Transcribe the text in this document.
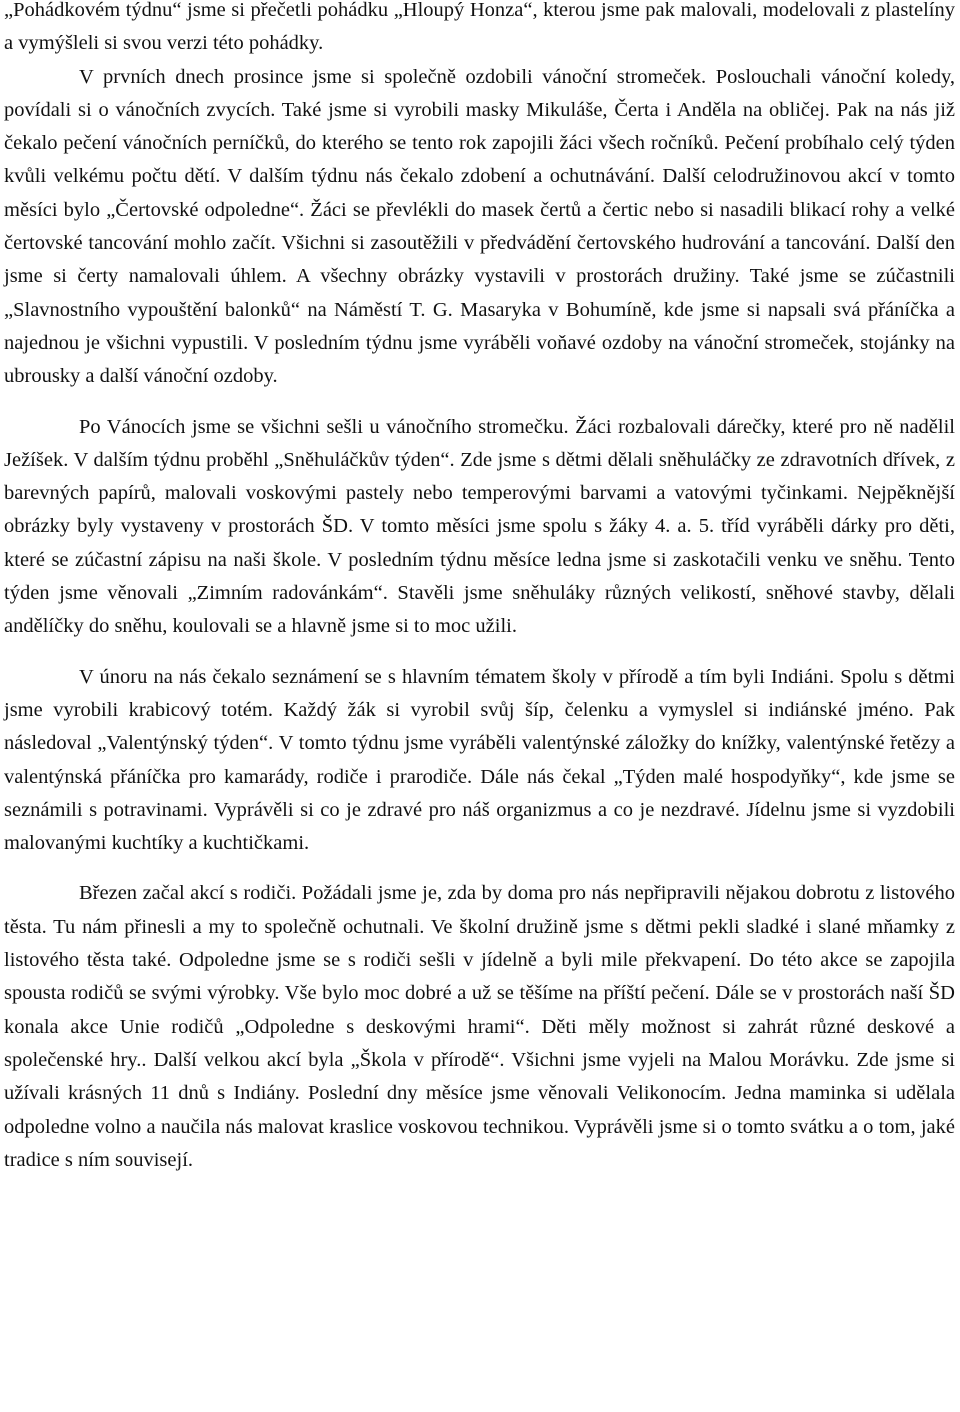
„Pohádkovém týdnu“ jsme si přečetli pohádku „Hloupý Honza“, kterou jsme pak malovali, modelovali z plastelíny a vymýšleli si svou verzi této pohádky.

V prvních dnech prosince jsme si společně ozdobili vánoční stromeček. Poslouchali vánoční koledy, povídali si o vánočních zvycích. Také jsme si vyrobili masky Mikuláše, Čerta i Anděla na obličej. Pak na nás již čekalo pečení vánočních perníčků, do kterého se tento rok zapojili žáci všech ročníků. Pečení probíhalo celý týden kvůli velkému počtu dětí. V dalším týdnu nás čekalo zdobení a ochutnávání. Další celodružinovou akcí v tomto měsíci bylo „Čertovské odpoledne“. Žáci se převlékli do masek čertů a čertic nebo si nasadili blikací rohy a velké čertovské tancování mohlo začít. Všichni si zasoutěžili v předvádění čertovského hudrování a tancování. Další den jsme si čerty namalovali úhlem. A všechny obrázky vystavili v prostorách družiny. Také jsme se zúčastnili „Slavnostního vypouštění balonků“ na Náměstí T. G. Masaryka v Bohumíně, kde jsme si napsali svá přáníčka a najednou je všichni vypustili. V posledním týdnu jsme vyráběli voňavé ozdoby na vánoční stromeček, stojánky na ubrousky a další vánoční ozdoby.

Po Vánocích jsme se všichni sešli u vánočního stromečku. Žáci rozbalovali dárečky, které pro ně nadělil Ježíšek. V dalším týdnu proběhl „Sněhuláčkův týden“. Zde jsme s dětmi dělali sněhuláčky ze zdravotních dřívek, z barevných papírů, malovali voskovými pastely nebo temperovými barvami a vatovými tyčinkami. Nejpěknější obrázky byly vystaveny v prostorách ŠD. V tomto měsíci jsme spolu s žáky 4. a. 5. tříd vyráběli dárky pro děti, které se zúčastní zápisu na naši škole. V posledním týdnu měsíce ledna jsme si zaskotačili venku ve sněhu. Tento týden jsme věnovali „Zimním radovánkám“. Stavěli jsme sněhuláky různých velikostí, sněhové stavby, dělali andělíčky do sněhu, koulovali se a hlavně jsme si to moc užili.

V únoru na nás čekalo seznámení se s hlavním tématem školy v přírodě a tím byli Indiáni. Spolu s dětmi jsme vyrobili krabicový totém. Každý žák si vyrobil svůj šíp, čelenku a vymyslel si indiánské jméno. Pak následoval „Valentýnský týden“. V tomto týdnu jsme vyráběli valentýnské záložky do knížky, valentýnské řetězy a valentýnská přáníčka pro kamarády, rodiče i prarodiče. Dále nás čekal „Týden malé hospodyňky“, kde jsme se seznámili s potravinami. Vyprávěli si co je zdravé pro náš organizmus a co je nezdravé. Jídelnu jsme si vyzdobili malovanými kuchtíky a kuchtičkami.

Březen začal akcí s rodiči. Požádali jsme je, zda by doma pro nás nepřipravili nějakou dobrotu z listového těsta. Tu nám přinesli a my to společně ochutnali. Ve školní družině jsme s dětmi pekli sladké i slané mňamky z listového těsta také. Odpoledne jsme se s rodiči sešli v jídelně a byli mile překvapení. Do této akce se zapojila spousta rodičů se svými výrobky. Vše bylo moc dobré a už se těšíme na příští pečení. Dále se v prostorách naší ŠD konala akce Unie rodičů „Odpoledne s deskovými hrami“. Děti měly možnost si zahrát různé deskové a společenské hry.. Další velkou akcí byla „Škola v přírodě“. Všichni jsme vyjeli na Malou Morávku. Zde jsme si užívali krásných 11 dnů s Indiány. Poslední dny měsíce jsme věnovali Velikonocím. Jedna maminka si udělala odpoledne volno a naučila nás malovat kraslice voskovou technikou. Vyprávěli jsme si o tomto svátku a o tom, jaké tradice s ním souvisejí.
